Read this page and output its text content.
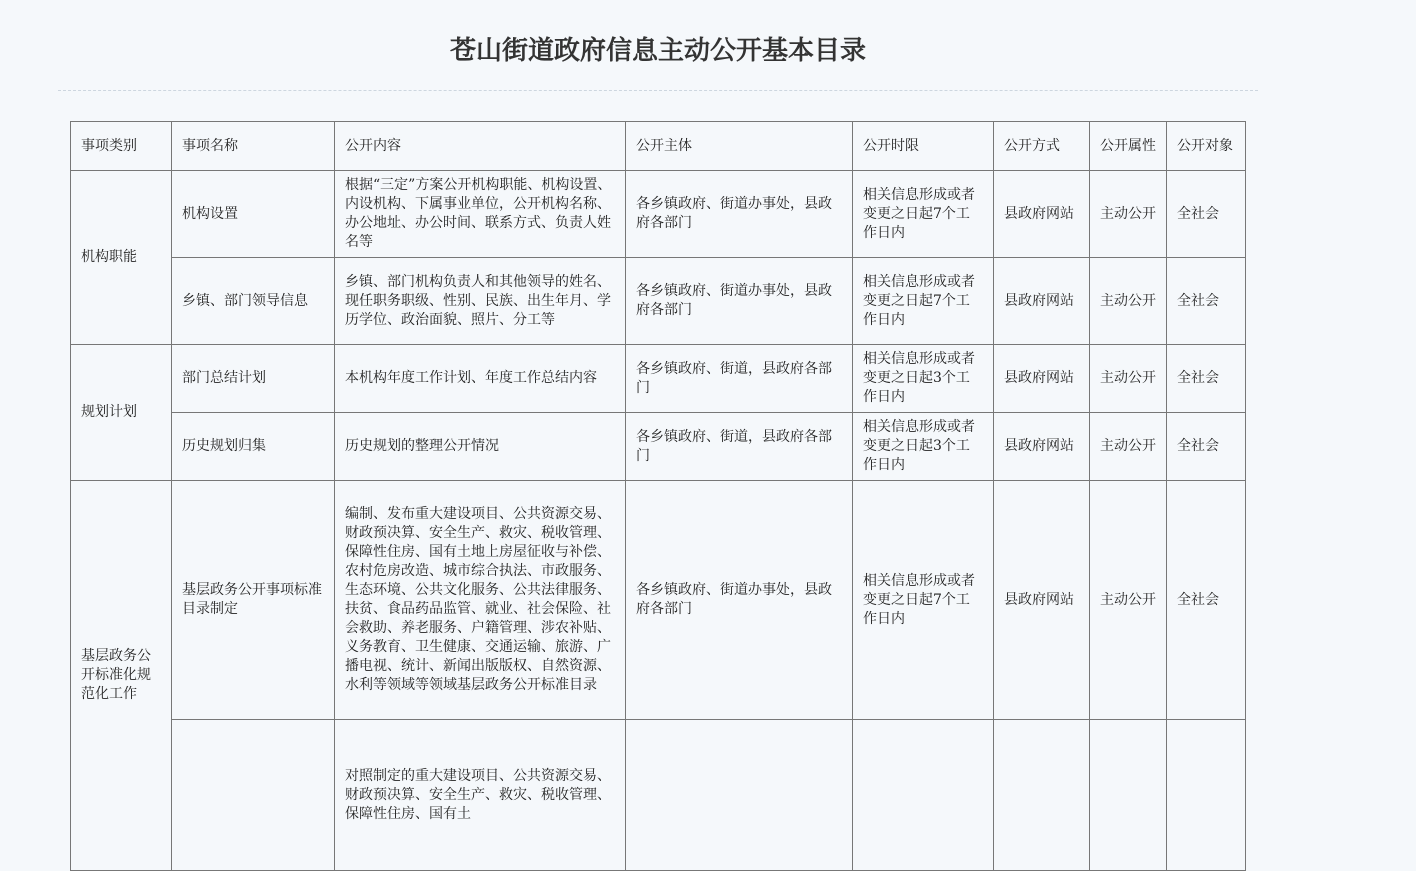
苍山街道政府信息主动公开基本目录
事项类别	事项名称	公开内容	公开主体	公开时限	公开方式	公开属性	公开对象
机构职能	机构设置	根据“三定”方案公开机构职能、机构设置、内设机构、下属事业单位，公开机构名称、办公地址、办公时间、联系方式、负责人姓名等	各乡镇政府、街道办事处，县政府各部门	相关信息形成或者变更之日起7个工作日内	县政府网站	主动公开	全社会
	乡镇、部门领导信息	乡镇、部门机构负责人和其他领导的姓名、现任职务职级、性别、民族、出生年月、学历学位、政治面貌、照片、分工等	各乡镇政府、街道办事处，县政府各部门	相关信息形成或者变更之日起7个工作日内	县政府网站	主动公开	全社会
规划计划	部门总结计划	本机构年度工作计划、年度工作总结内容	各乡镇政府、街道，县政府各部门	相关信息形成或者变更之日起3个工作日内	县政府网站	主动公开	全社会
	历史规划归集	历史规划的整理公开情况	各乡镇政府、街道，县政府各部门	相关信息形成或者变更之日起3个工作日内	县政府网站	主动公开	全社会
基层政务公开标准化规范化工作	基层政务公开事项标准目录制定	编制、发布重大建设项目、公共资源交易、财政预决算、安全生产、救灾、税收管理、保障性住房、国有土地上房屋征收与补偿、农村危房改造、城市综合执法、市政服务、生态环境、公共文化服务、公共法律服务、扶贫、食品药品监管、就业、社会保险、社会救助、养老服务、户籍管理、涉农补贴、义务教育、卫生健康、交通运输、旅游、广播电视、统计、新闻出版版权、自然资源、水利等领域等领域基层政务公开标准目录	各乡镇政府、街道办事处，县政府各部门	相关信息形成或者变更之日起7个工作日内	县政府网站	主动公开	全社会
		对照制定的重大建设项目、公共资源交易、财政预决算、安全生产、救灾、税收管理、保障性住房、国有土					
